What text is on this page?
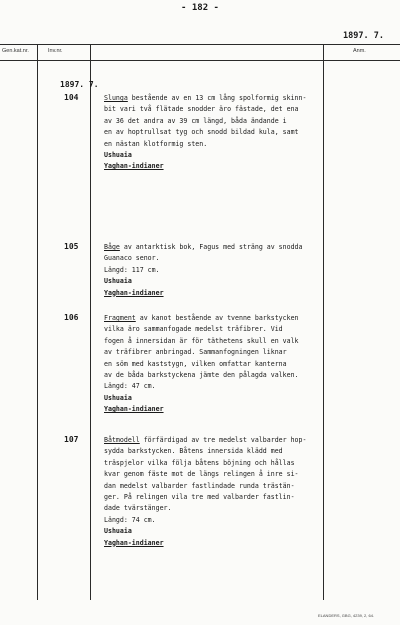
- 182 -
1897. 7.
Gen.kat.nr.	Inv.nr.	Anm.
1897. 7.
104	Slunga bestående av en 13 cm lång spolformig skinn-
bit vari två flätade snodder äro fästade, det ena
av 36 det andra av 39 cm längd, båda ändande i
en av hoptrullsat tyg och snodd bildad kula, samt
en nästan klotformig sten.
Ushuaia
Yaghan-indianer
105	Båge av antarktisk bok, Fagus med sträng av snodda
Guanaco senor.
Längd: 117 cm.
Ushuaia
Yaghan-indianer
106	Fragment av kanot bestående av tvenne barkstycken
vilka äro sammanfogade medelst träfibrer. Vid
fogen å innersidan är för täthetens skull en valk
av träfibrer anbringad. Sammanfogningen liknar
en söm med kaststygn, vilken omfattar kanterna
av de båda barkstyckena jämte den pålagda valken.
Längd: 47 cm.
Ushuaia
Yaghan-indianer
107	Båtmodell förfärdigad av tre medelst valbarder hop-
sydda barkstycken. Båtens innersida klädd med
träspjelor vilka följa båtens böjning och hållas
kvar genom fäste mot de längs relingen å inre si-
dan medelst valbarder fastlindade runda trästän-
ger. På relingen vila tre med valbarder fastlin-
dade tvärstänger.
Längd: 74 cm.
Ushuaia
Yaghan-indianer
ELANDERS, GBG, 4239, 2, 64.
